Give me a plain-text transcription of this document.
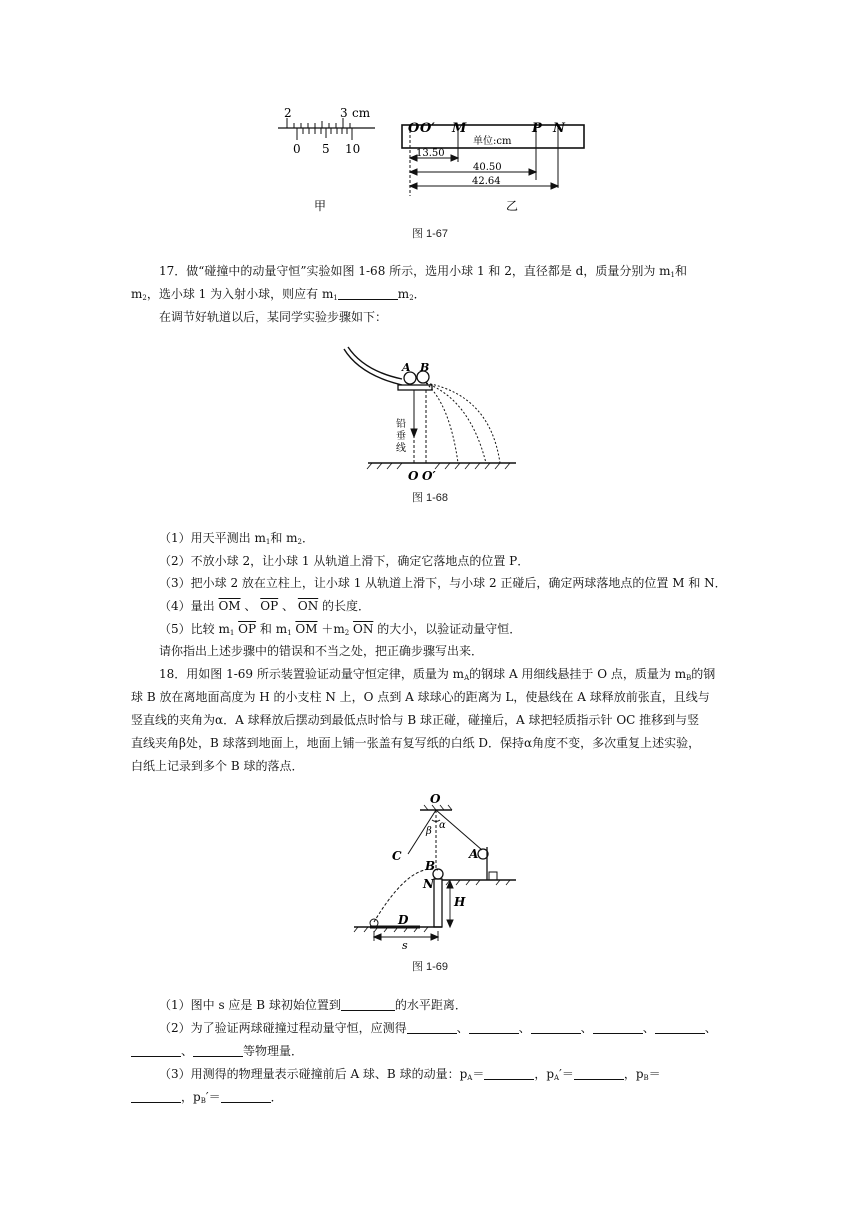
2	3 cm
0 5 10
甲
O O′ M	P N
单位:cm
13.50
40.50
42.64
乙
图 1-67
17．做“碰撞中的动量守恒”实验如图 1-68 所示，选用小球 1 和 2，直径都是 d，质量分别为 $m_1$和
$m_2$，选小球 1 为入射小球，则应有 $m_1$	$m_2$．
在调节好轨道以后，某同学实验步骤如下：
A B
铅
垂
线
O O′
图 1-68
（1）用天平测出 $m_1$和 $m_2$．
（2）不放小球 2，让小球 1 从轨道上滑下，确定它落地点的位置 P．
（3）把小球 2 放在立柱上，让小球 1 从轨道上滑下，与小球 2 正碰后，确定两球落地点的位置 M 和 N．
（4）量出 $\overline{OM}$ 、 $\overline{OP}$ 、 $\overline{ON}$ 的长度．
（5）比较 $m_1$ $\overline{OP}$ 和 $m_1$ $\overline{OM} +m_2$ $\overline{ON}$ 的大小，以验证动量守恒．
请你指出上述步骤中的错误和不当之处，把正确步骤写出来．
18．用如图 1-69 所示装置验证动量守恒定律，质量为 $m_A$的钢球 A 用细线悬挂于 O 点，质量为 $m_B$的钢
球 B 放在离地面高度为 H 的小支柱 N 上，O 点到 A 球球心的距离为 L，使悬线在 A 球释放前张直，且线与
竖直线的夹角为α．A 球释放后摆动到最低点时恰与 B 球正碰，碰撞后，A 球把轻质指示针 OC 推移到与竖
直线夹角β处，B 球落到地面上，地面上铺一张盖有复写纸的白纸 D．保持α角度不变，多次重复上述实验，
白纸上记录到多个 B 球的落点．
O
α
β
A
B
C
N
H
D
s
图 1-69
（1）图中 s 应是 B 球初始位置到	的水平距离．
（2）为了验证两球碰撞过程动量守恒，应测得	、	、	、	、	、
、	等物理量．
（3）用测得的物理量表示碰撞前后 A 球、B 球的动量：$p_A=$	，$p_A'=$	，$p_B=$
，$p_B'=$	．
